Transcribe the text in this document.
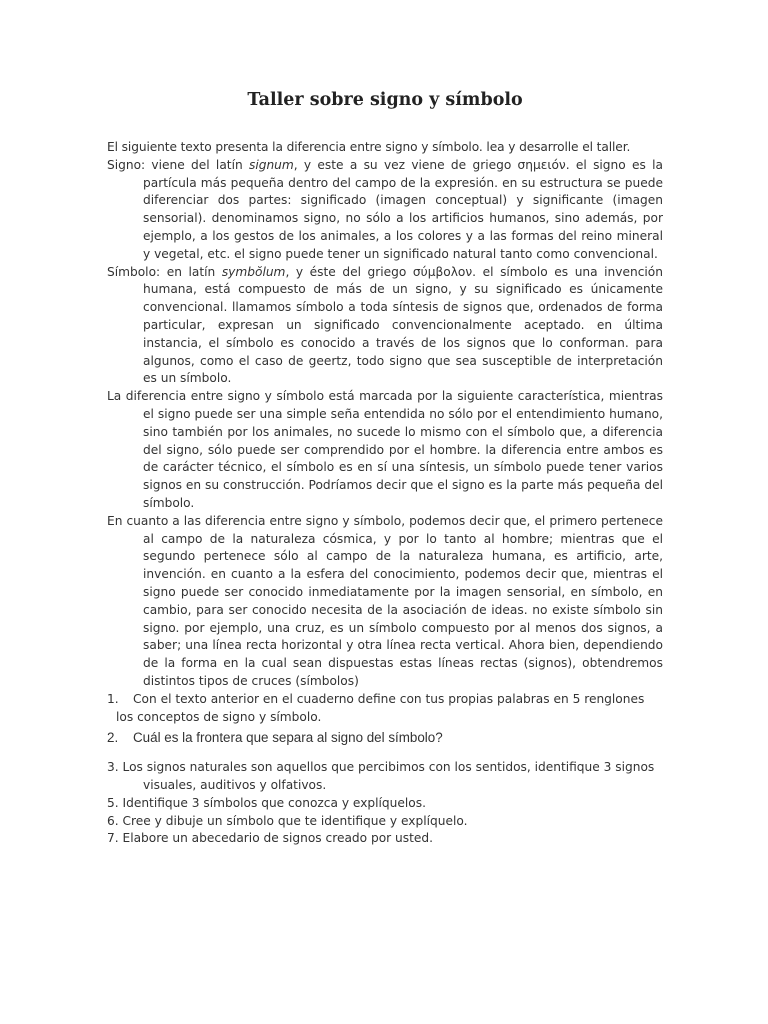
Taller sobre signo y símbolo

El siguiente texto presenta la diferencia entre signo y símbolo. lea y desarrolle el taller.

Signo: viene del latín signum, y este a su vez viene de griego σημειόν. el signo es la partícula más pequeña dentro del campo de la expresión. en su estructura se puede diferenciar dos partes: significado (imagen conceptual) y significante (imagen sensorial). denominamos signo, no sólo a los artificios humanos, sino además, por ejemplo, a los gestos de los animales, a los colores y a las formas del reino mineral y vegetal, etc. el signo puede tener un significado natural tanto como convencional.

Símbolo: en latín symbŏlum, y éste del griego σύμβολον. el símbolo es una invención humana, está compuesto de más de un signo, y su significado es únicamente convencional. llamamos símbolo a toda síntesis de signos que, ordenados de forma particular, expresan un significado convencionalmente aceptado. en última instancia, el símbolo es conocido a través de los signos que lo conforman. para algunos, como el caso de geertz, todo signo que sea susceptible de interpretación es un símbolo.

La diferencia entre signo y símbolo está marcada por la siguiente característica, mientras el signo puede ser una simple seña entendida no sólo por el entendimiento humano, sino también por los animales, no sucede lo mismo con el símbolo que, a diferencia del signo, sólo puede ser comprendido por el hombre. la diferencia entre ambos es de carácter técnico, el símbolo es en sí una síntesis, un símbolo puede tener varios signos en su construcción. Podríamos decir que el signo es la parte más pequeña del símbolo.

En cuanto a las diferencia entre signo y símbolo, podemos decir que, el primero pertenece al campo de la naturaleza cósmica, y por lo tanto al hombre; mientras que el segundo pertenece sólo al campo de la naturaleza humana, es artificio, arte, invención. en cuanto a la esfera del conocimiento, podemos decir que, mientras el signo puede ser conocido inmediatamente por la imagen sensorial, en símbolo, en cambio, para ser conocido necesita de la asociación de ideas. no existe símbolo sin signo. por ejemplo, una cruz, es un símbolo compuesto por al menos dos signos, a saber; una línea recta horizontal y otra línea recta vertical. Ahora bien, dependiendo de la forma en la cual sean dispuestas estas líneas rectas (signos), obtendremos distintos tipos de cruces (símbolos)

1.	Con el texto anterior en el cuaderno define con tus propias palabras en 5 renglones

los conceptos de signo y símbolo.

2.	Cuál es la frontera que separa al signo del símbolo?

3. Los signos naturales son aquellos que percibimos con los sentidos, identifique 3 signos visuales, auditivos y olfativos.

5. Identifique 3 símbolos que conozca y explíquelos.

6. Cree y dibuje un símbolo que te identifique y explíquelo.

7. Elabore un abecedario de signos creado por usted.
